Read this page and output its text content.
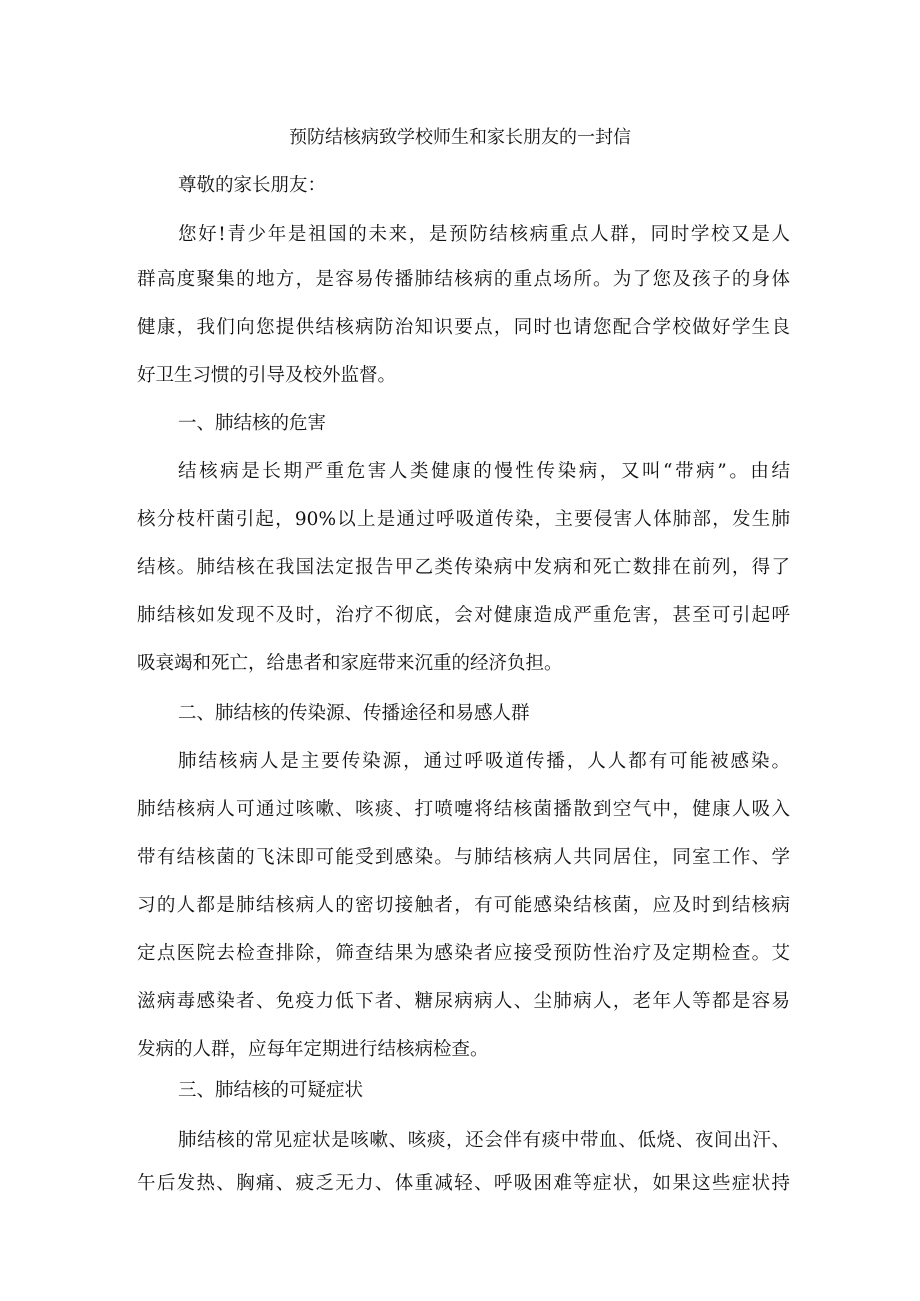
预防结核病致学校师生和家长朋友的一封信
尊敬的家长朋友：
您好!青少年是祖国的未来，是预防结核病重点人群，同时学校又是人
群高度聚集的地方，是容易传播肺结核病的重点场所。为了您及孩子的身体
健康，我们向您提供结核病防治知识要点，同时也请您配合学校做好学生良
好卫生习惯的引导及校外监督。
一、肺结核的危害
结核病是长期严重危害人类健康的慢性传染病，又叫“带病”。由结
核分枝杆菌引起，90%以上是通过呼吸道传染，主要侵害人体肺部，发生肺
结核。肺结核在我国法定报告甲乙类传染病中发病和死亡数排在前列，得了
肺结核如发现不及时，治疗不彻底，会对健康造成严重危害，甚至可引起呼
吸衰竭和死亡，给患者和家庭带来沉重的经济负担。
二、肺结核的传染源、传播途径和易感人群
肺结核病人是主要传染源，通过呼吸道传播，人人都有可能被感染。
肺结核病人可通过咳嗽、咳痰、打喷嚏将结核菌播散到空气中，健康人吸入
带有结核菌的飞沫即可能受到感染。与肺结核病人共同居住，同室工作、学
习的人都是肺结核病人的密切接触者，有可能感染结核菌，应及时到结核病
定点医院去检查排除，筛查结果为感染者应接受预防性治疗及定期检查。艾
滋病毒感染者、免疫力低下者、糖尿病病人、尘肺病人，老年人等都是容易
发病的人群，应每年定期进行结核病检查。
三、肺结核的可疑症状
肺结核的常见症状是咳嗽、咳痰，还会伴有痰中带血、低烧、夜间出汗、
午后发热、胸痛、疲乏无力、体重减轻、呼吸困难等症状，如果这些症状持
